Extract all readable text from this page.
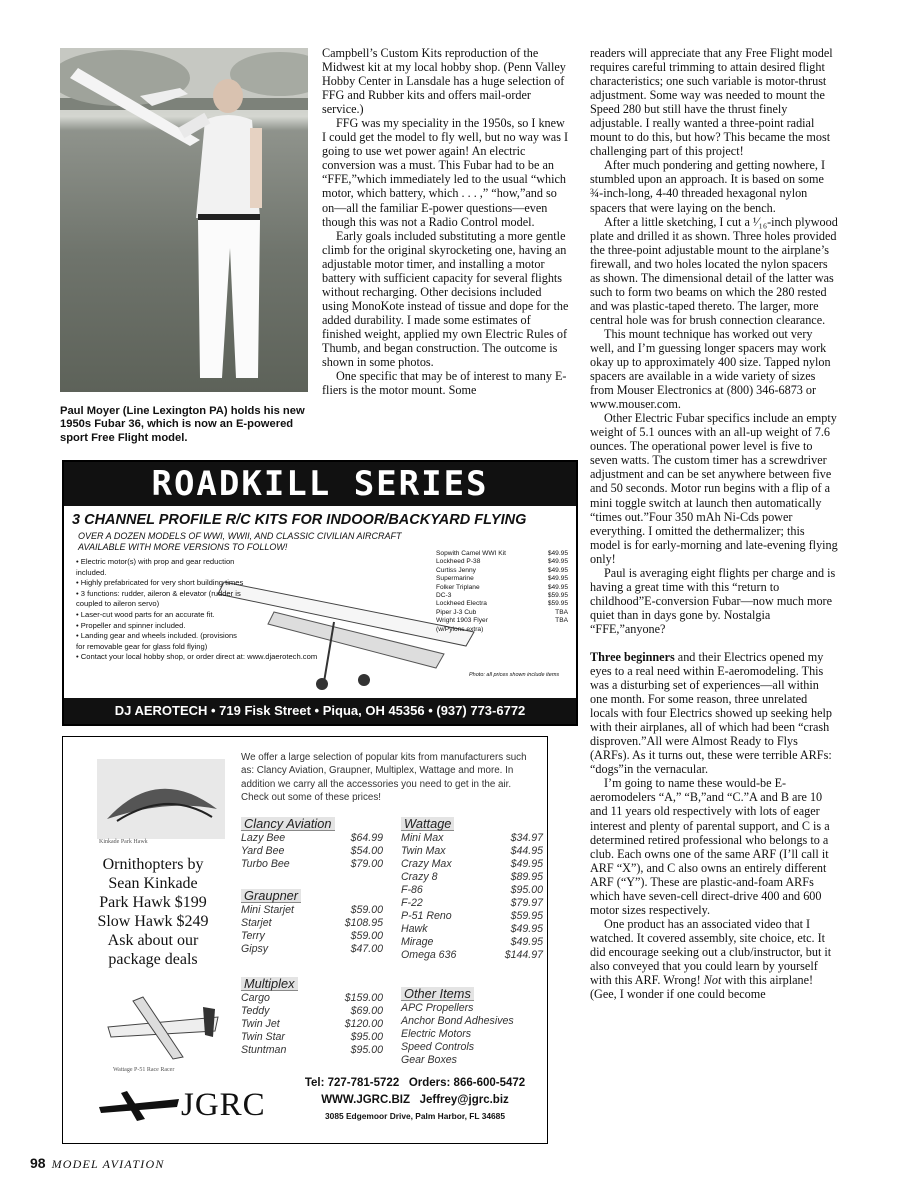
Paul Moyer (Line Lexington PA) holds his new 1950s Fubar 36, which is now an E-powered sport Free Flight model.

Campbell’s Custom Kits reproduction of the Midwest kit at my local hobby shop. (Penn Valley Hobby Center in Lansdale has a huge selection of FFG and Rubber kits and offers mail-order service.)

FFG was my speciality in the 1950s, so I knew I could get the model to fly well, but no way was I going to use wet power again! An electric conversion was a must. This Fubar had to be an “FFE,”which immediately led to the usual “which motor, which battery, which . . . ,” “how,”and so on—all the familiar E-power questions—even though this was not a Radio Control model.

Early goals included substituting a more gentle climb for the original skyrocketing one, having an adjustable motor timer, and installing a motor battery with sufficient capacity for several flights without recharging. Other decisions included using MonoKote instead of tissue and dope for the added durability. I made some estimates of finished weight, applied my own Electric Rules of Thumb, and began construction. The outcome is shown in some photos.

One specific that may be of interest to many E-fliers is the motor mount. Some

readers will appreciate that any Free Flight model requires careful trimming to attain desired flight characteristics; one such variable is motor-thrust adjustment. Some way was needed to mount the Speed 280 but still have the thrust finely adjustable. I really wanted a three-point radial mount to do this, but how? This became the most challenging part of this project!

After much pondering and getting nowhere, I stumbled upon an approach. It is based on some ¾-inch-long, 4-40 threaded hexagonal nylon spacers that were laying on the bench.

After a little sketching, I cut a ¹⁄₁₆-inch plywood plate and drilled it as shown. Three holes provided the three-point adjustable mount to the airplane’s firewall, and two holes located the nylon spacers as shown. The dimensional detail of the latter was such to form two beams on which the 280 rested and was plastic-taped thereto. The larger, more central hole was for brush connection clearance.

This mount technique has worked out very well, and I’m guessing longer spacers may work okay up to approximately 400 size. Tapped nylon spacers are available in a wide variety of sizes from Mouser Electronics at (800) 346-6873 or www.mouser.com.

Other Electric Fubar specifics include an empty weight of 5.1 ounces with an all-up weight of 7.6 ounces. The operational power level is five to seven watts. The custom timer has a screwdriver adjustment and can be set anywhere between five and 50 seconds. Motor run begins with a flip of a mini toggle switch at launch then automatically “times out.”Four 350 mAh Ni-Cds power everything. I omitted the dethermalizer; this model is for early-morning and late-evening flying only!

Paul is averaging eight flights per charge and is having a great time with this “return to childhood”E-conversion Fubar—now much more quiet than in days gone by. Nostalgia “FFE,”anyone?

Three beginners and their Electrics opened my eyes to a real need within E-aeromodeling. This was a disturbing set of experiences—all within one month. For some reason, three unrelated locals with four Electrics showed up seeking help with their airplanes, all of which had been “crash disproven.”All were Almost Ready to Flys (ARFs). As it turns out, these were terrible ARFs: “dogs”in the vernacular.

I’m going to name these would-be E-aeromodelers “A,” “B,”and “C.”A and B are 10 and 11 years old respectively with lots of eager interest and plenty of parental support, and C is a determined retired professional who belongs to a club. Each owns one of the same ARF (I’ll call it ARF “X”), and C also owns an entirely different ARF (“Y”). These are plastic-and-foam ARFs which have seven-cell direct-drive 400 and 600 motor sizes respectively.

One product has an associated video that I watched. It covered assembly, site choice, etc. It did encourage seeking out a club/instructor, but it also conveyed that you could learn by yourself with this ARF. Wrong! Not with this airplane! (Gee, I wonder if one could become

ROADKILL SERIES
3 CHANNEL PROFILE R/C KITS FOR INDOOR/BACKYARD FLYING
OVER A DOZEN MODELS OF WWI, WWII, AND CLASSIC CIVILIAN AIRCRAFT AVAILABLE WITH MORE VERSIONS TO FOLLOW!
• Electric motor(s) with prop and gear reduction included.
• Highly prefabricated for very short building times
• 3 functions: rudder, aileron & elevator (rudder is coupled to aileron servo)
• Laser-cut wood parts for an accurate fit.
• Propeller and spinner included.
• Landing gear and wheels included. (provisions for removable gear for glass fold flying)
• Contact your local hobby shop, or order direct at: www.djaerotech.com
Sopwith Camel WWI Kit	$49.95
Lockheed P-38	$49.95
Curtiss Jenny	$49.95
Supermarine	$49.95
Folker Triplane	$49.95
DC-3	$59.95
Lockheed Electra	$59.95
Piper J-3 Cub	TBA
Wright 1903 Flyer	TBA
(w/Pylons extra)
Photo: all prices shown include items
DJ AEROTECH • 719 Fisk Street • Piqua, OH 45356 • (937) 773-6772
Kinkade Park Hawk
Ornithopters by
Sean Kinkade
Park Hawk $199
Slow Hawk $249
Ask about our
package deals
Wattage P-51 Race Racer
JGRC
We offer a large selection of popular kits from manufacturers such as: Clancy Aviation, Graupner, Multiplex, Wattage and more. In addition we carry all the accessories you need to get in the air. Check out some of these prices!
Clancy Aviation
Lazy Bee	$64.99
Yard Bee	$54.00
Turbo Bee	$79.00
Graupner
Mini Starjet	$59.00
Starjet	$108.95
Terry	$59.00
Gipsy	$47.00
Multiplex
Cargo	$159.00
Teddy	$69.00
Twin Jet	$120.00
Twin Star	$95.00
Stuntman	$95.00
Wattage
Mini Max	$34.97
Twin Max	$44.95
Crazy Max	$49.95
Crazy 8	$89.95
F-86	$95.00
F-22	$79.97
P-51 Reno	$59.95
Hawk	$49.95
Mirage	$49.95
Omega 636	$144.97
Other Items
APC Propellers
Anchor Bond Adhesives
Electric Motors
Speed Controls
Gear Boxes
Tel: 727-781-5722 Orders: 866-600-5472
WWW.JGRC.BIZ Jeffrey@jgrc.biz
3085 Edgemoor Drive, Palm Harbor, FL 34685
98 MODEL AVIATION
